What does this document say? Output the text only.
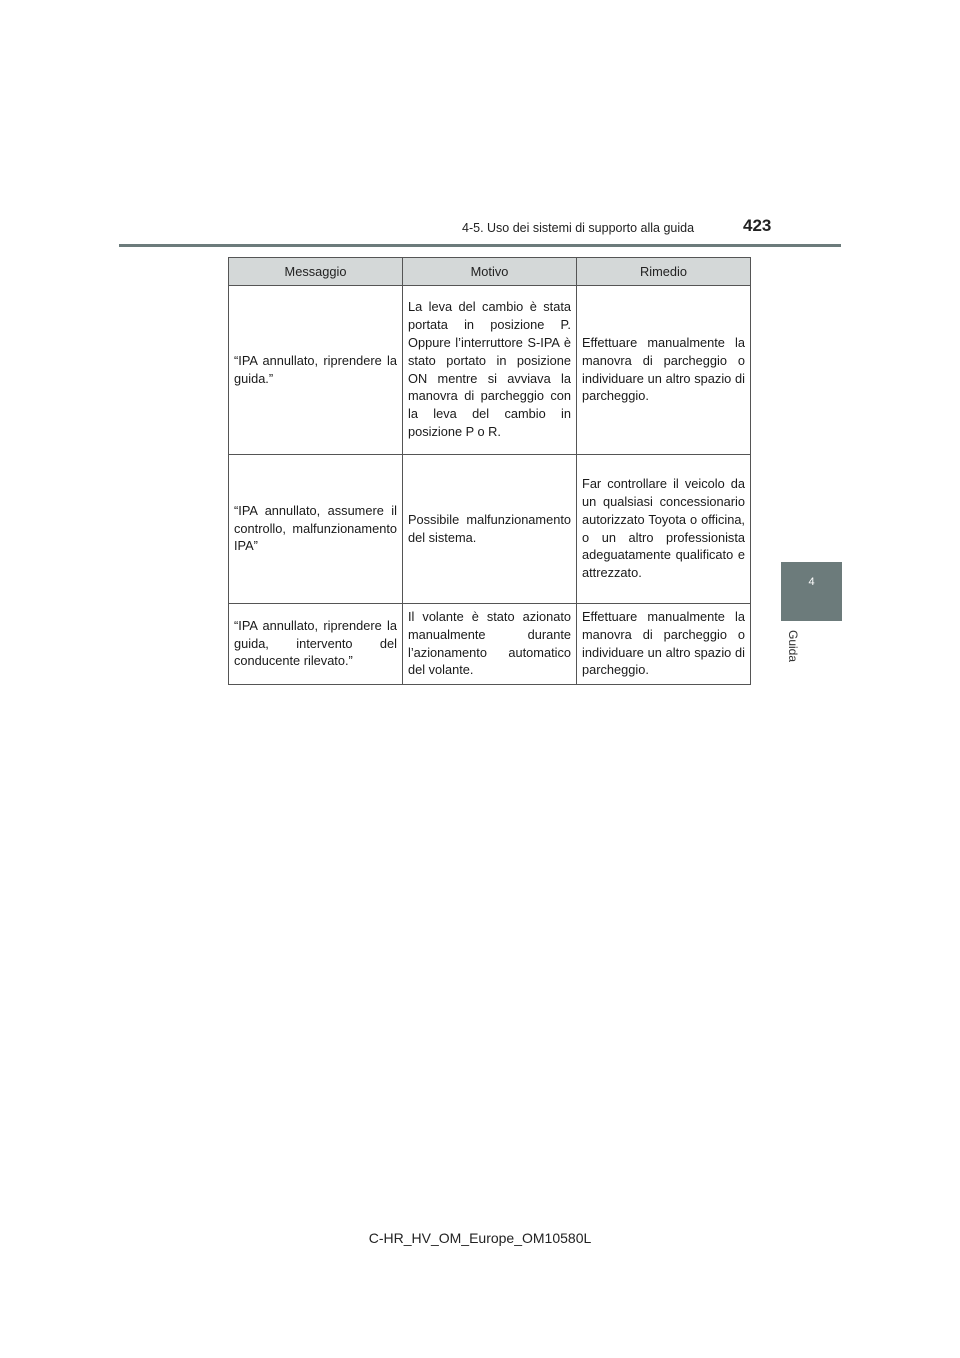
4-5. Uso dei sistemi di supporto alla guida	423
4
Guida
Messaggio	Motivo	Rimedio
“IPA annullato, riprendere la guida.”	La leva del cambio è stata portata in posizione P. Oppure l’interruttore S-IPA è stato portato in posizione ON mentre si avviava la manovra di parcheggio con la leva del cambio in posizione P o R.	Effettuare manualmente la manovra di parcheggio o individuare un altro spazio di parcheggio.
“IPA annullato, assumere il controllo, malfunzionamento IPA”	Possibile malfunzionamento del sistema.	Far controllare il veicolo da un qualsiasi concessionario autorizzato Toyota o officina, o un altro professionista adeguatamente qualificato e attrezzato.
“IPA annullato, riprendere la guida, intervento del conducente rilevato.”	Il volante è stato azionato manualmente durante l’azionamento automatico del volante.	Effettuare manualmente la manovra di parcheggio o individuare un altro spazio di parcheggio.
C-HR_HV_OM_Europe_OM10580L
